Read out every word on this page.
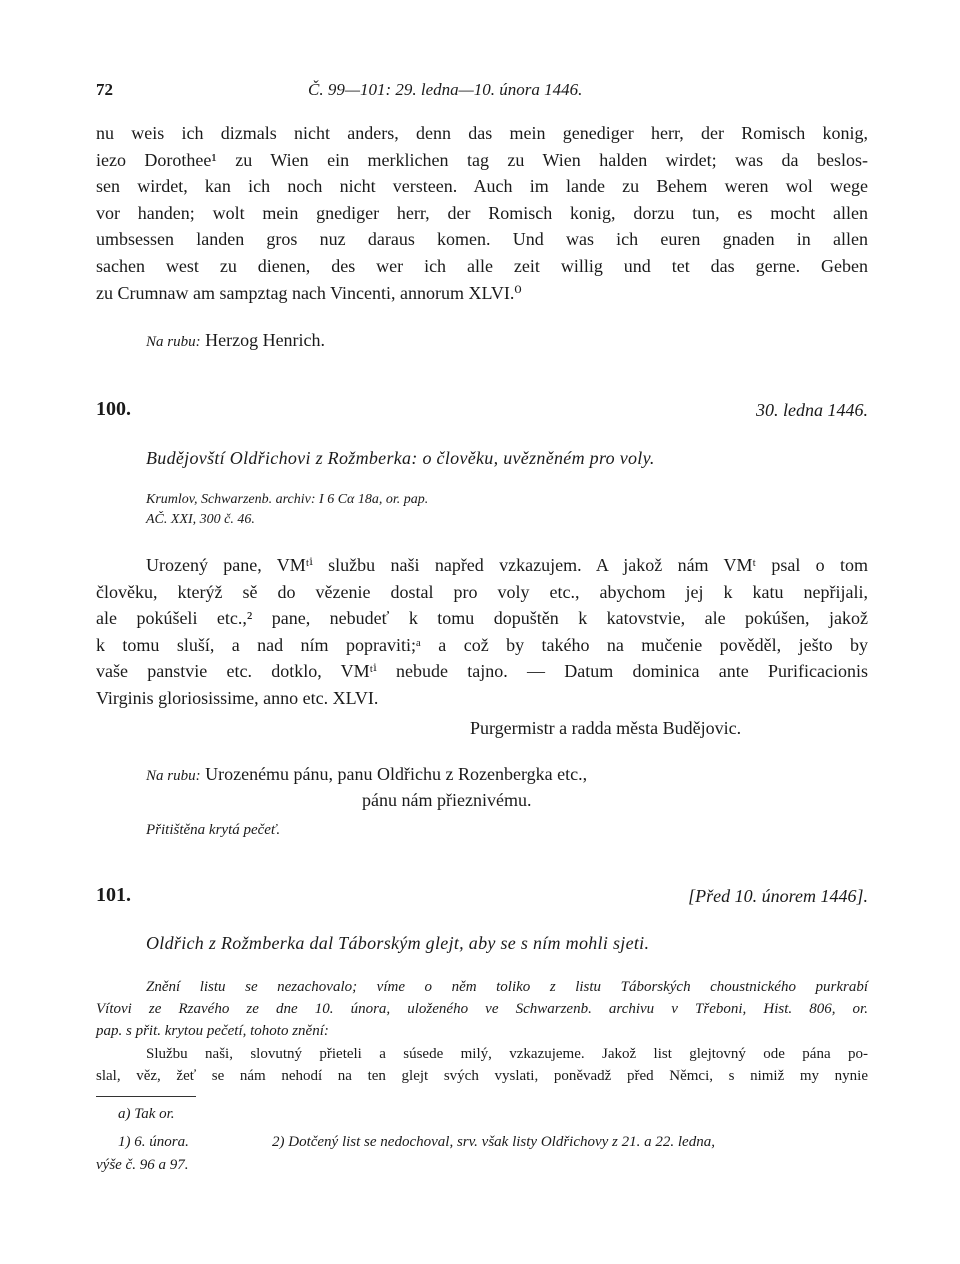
72	Č. 99—101: 29. ledna—10. února 1446.
nu weis ich dizmals nicht anders, denn das mein genediger herr, der Romisch konig,
iezo Dorothee¹ zu Wien ein merklichen tag zu Wien halden wirdet; was da beslos-
sen wirdet, kan ich noch nicht versteen. Auch im lande zu Behem weren wol wege
vor handen; wolt mein gnediger herr, der Romisch konig, dorzu tun, es mocht allen
umbsessen landen gros nuz daraus komen. Und was ich euren gnaden in allen
sachen west zu dienen, des wer ich alle zeit willig und tet das gerne. Geben
zu Crumnaw am sampztag nach Vincenti, annorum XLVI.⁰
Na rubu: Herzog Henrich.
100.	30. ledna 1446.
Budějovští Oldřichovi z Rožmberka: o člověku, uvězněném pro voly.
Krumlov, Schwarzenb. archiv: I 6 Cα 18a, or. pap.
AČ. XXI, 300 č. 46.
Urozený pane, VMᵗⁱ službu naši napřed vzkazujem. A jakož nám VMᵗ psal o tom
člověku, kterýž sě do vězenie dostal pro voly etc., abychom jej k katu nepřijali,
ale pokúšeli etc.,² pane, nebudeť k tomu dopuštěn k katovstvie, ale pokúšen, jakož
k tomu sluší, a nad ním popraviti;ᵃ a což by takého na mučenie pověděl, ješto by
vaše panstvie etc. dotklo, VMᵗⁱ nebude tajno. — Datum dominica ante Purificacionis
Virginis gloriosissime, anno etc. XLVI.
Purgermistr a radda města Budějovic.
Na rubu: Urozenému pánu, panu Oldřichu z Rozenbergka etc.,
pánu nám přieznivému.
Přitištěna krytá pečeť.
101.	[Před 10. únorem 1446].
Oldřich z Rožmberka dal Táborským glejt, aby se s ním mohli sjeti.
Znění listu se nezachovalo; víme o něm toliko z listu Táborských choustnického purkrabí
Vítovi ze Rzavého ze dne 10. února, uloženého ve Schwarzenb. archivu v Třeboni, Hist. 806, or.
pap. s přit. krytou pečetí, tohoto znění:
Službu naši, slovutný přieteli a súsede milý, vzkazujeme. Jakož list glejtovný ode pána po-
slal, věz, žeť se nám nehodí na ten glejt svých vyslati, poněvadž před Němci, s nimiž my nynie
a) Tak or.
1) 6. února.	2) Dotčený list se nedochoval, srv. však listy Oldřichovy z 21. a 22. ledna,
výše č. 96 a 97.
